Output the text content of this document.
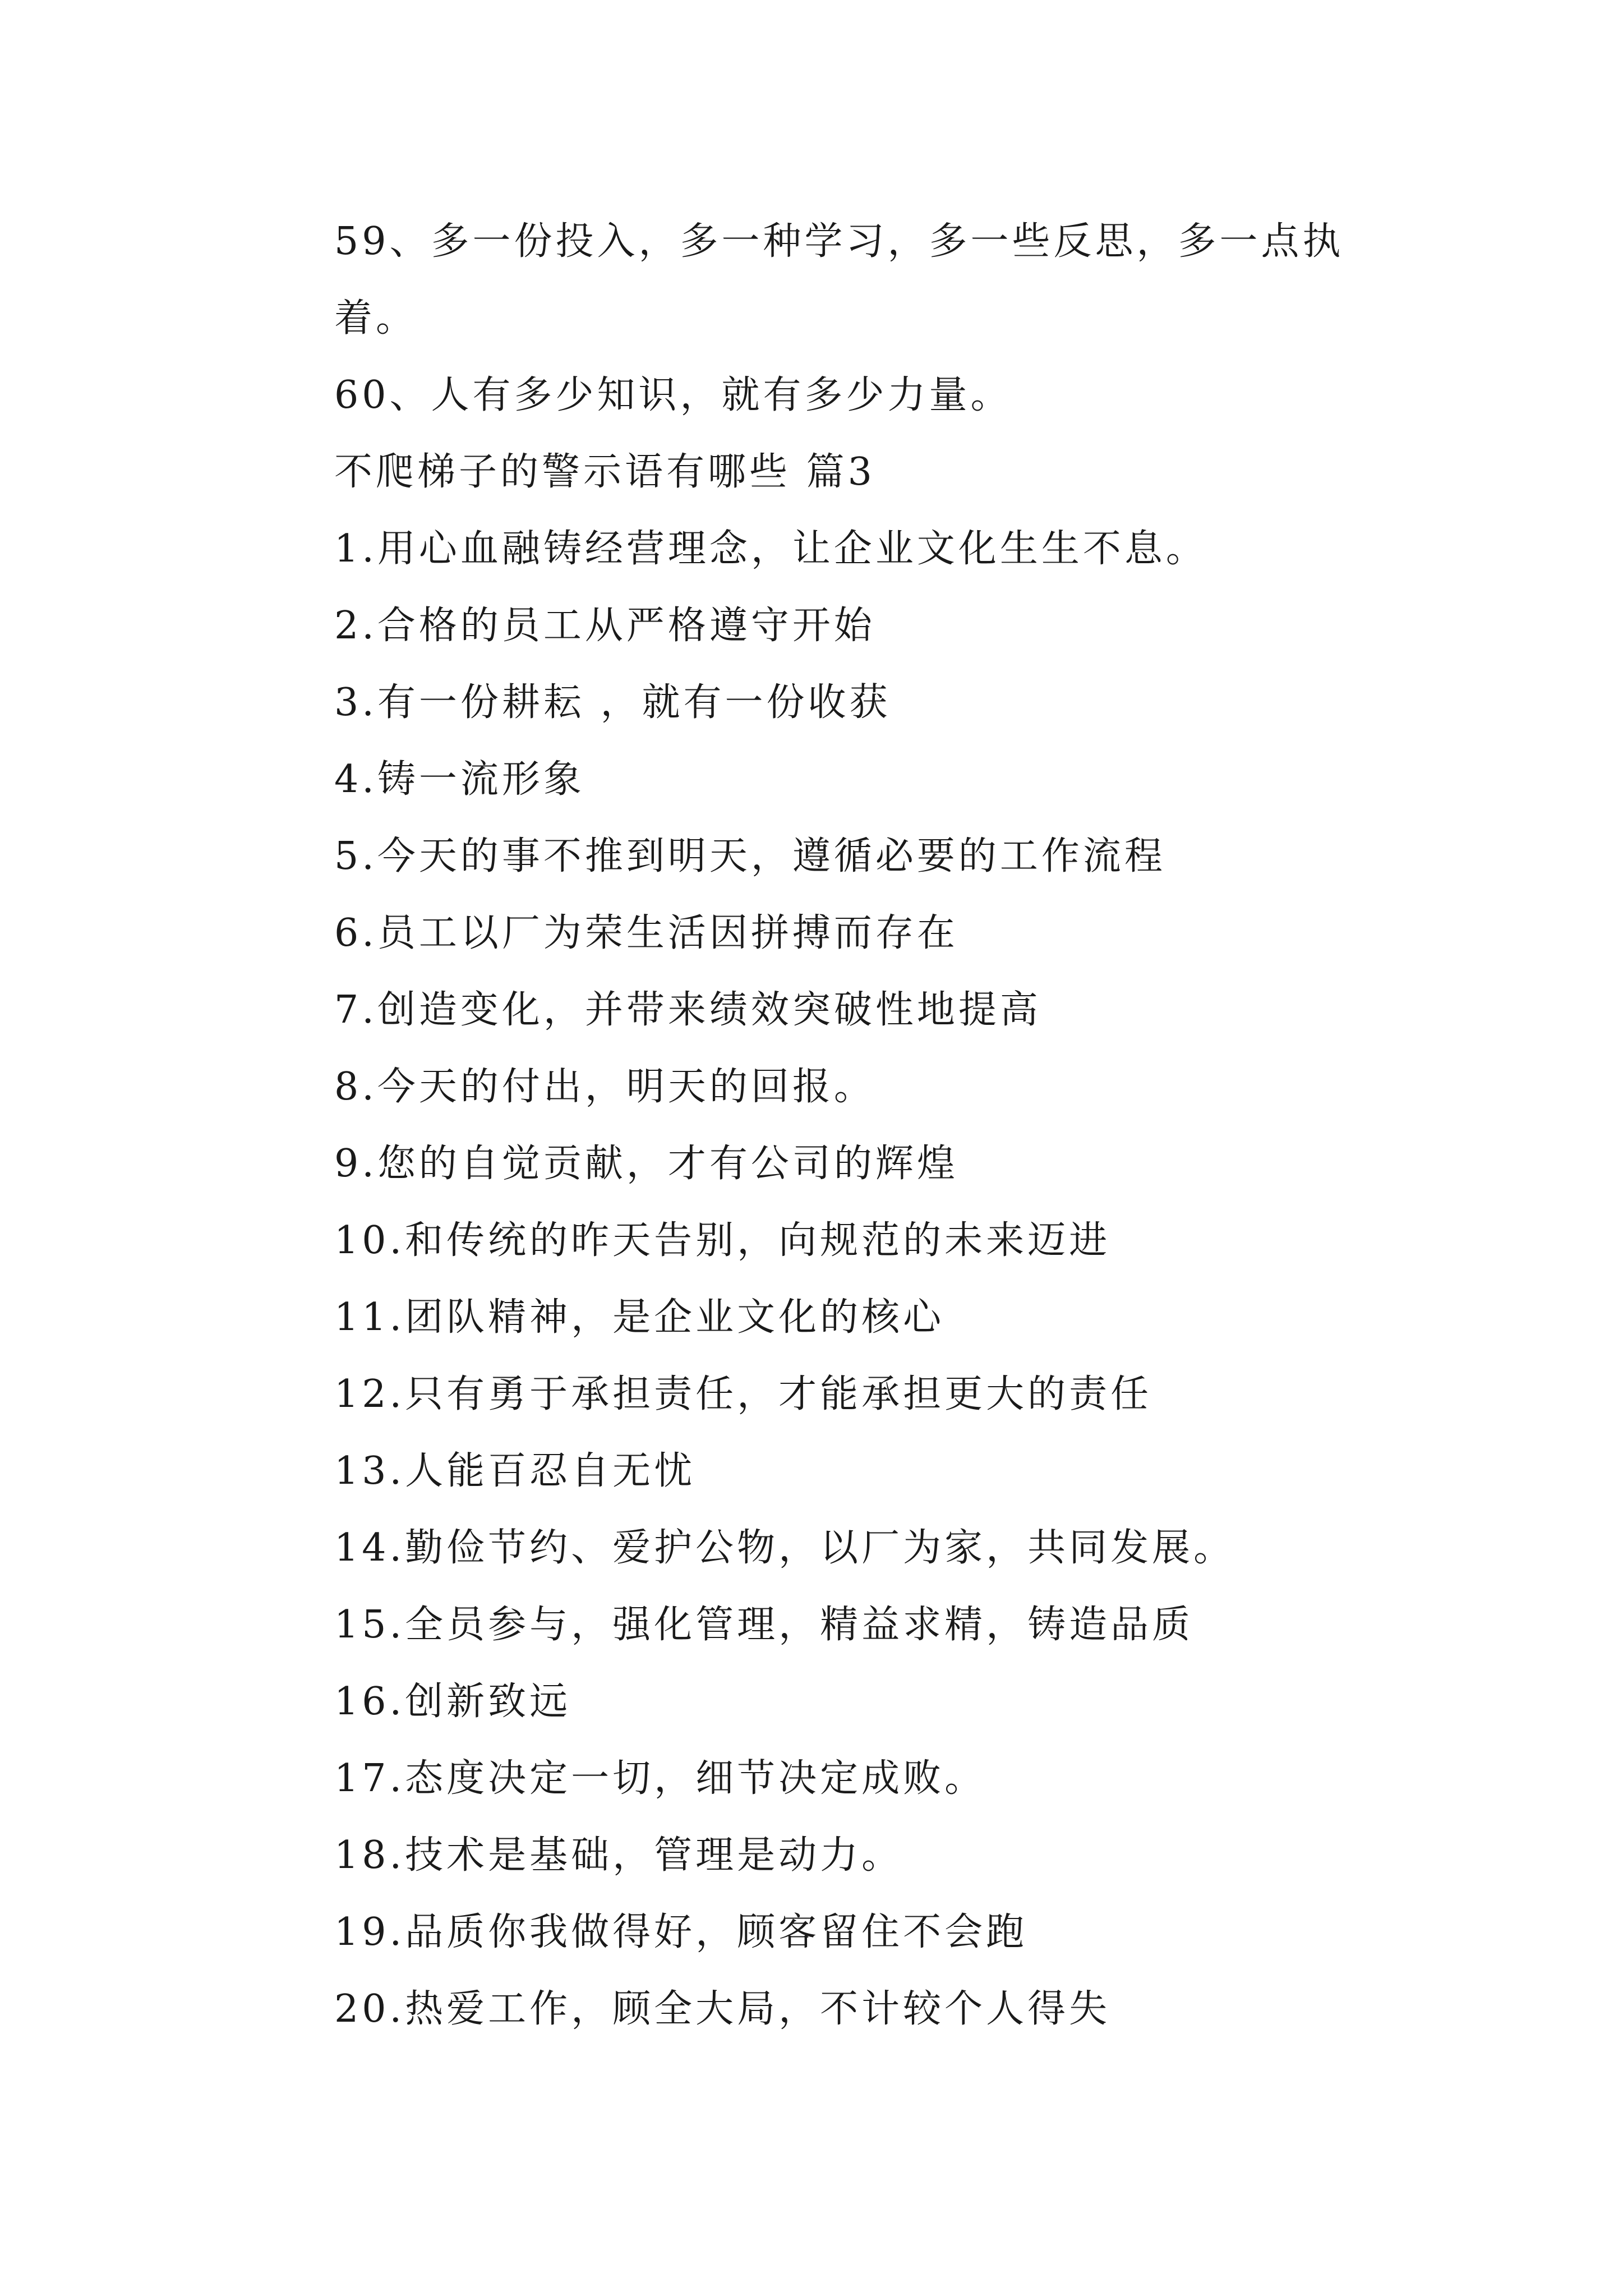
59、多一份投入，多一种学习，多一些反思，多一点执着。

60、人有多少知识，就有多少力量。

不爬梯子的警示语有哪些 篇3

1.用心血融铸经营理念，让企业文化生生不息。

2.合格的员工从严格遵守开始

3.有一份耕耘 ，就有一份收获

4.铸一流形象

5.今天的事不推到明天，遵循必要的工作流程

6.员工以厂为荣生活因拼搏而存在

7.创造变化，并带来绩效突破性地提高

8.今天的付出，明天的回报。

9.您的自觉贡献，才有公司的辉煌

10.和传统的昨天告别，向规范的未来迈进

11.团队精神，是企业文化的核心

12.只有勇于承担责任，才能承担更大的责任

13.人能百忍自无忧

14.勤俭节约、爱护公物，以厂为家，共同发展。

15.全员参与，强化管理，精益求精，铸造品质

16.创新致远

17.态度决定一切，细节决定成败。

18.技术是基础，管理是动力。

19.品质你我做得好，顾客留住不会跑

20.热爱工作，顾全大局，不计较个人得失
